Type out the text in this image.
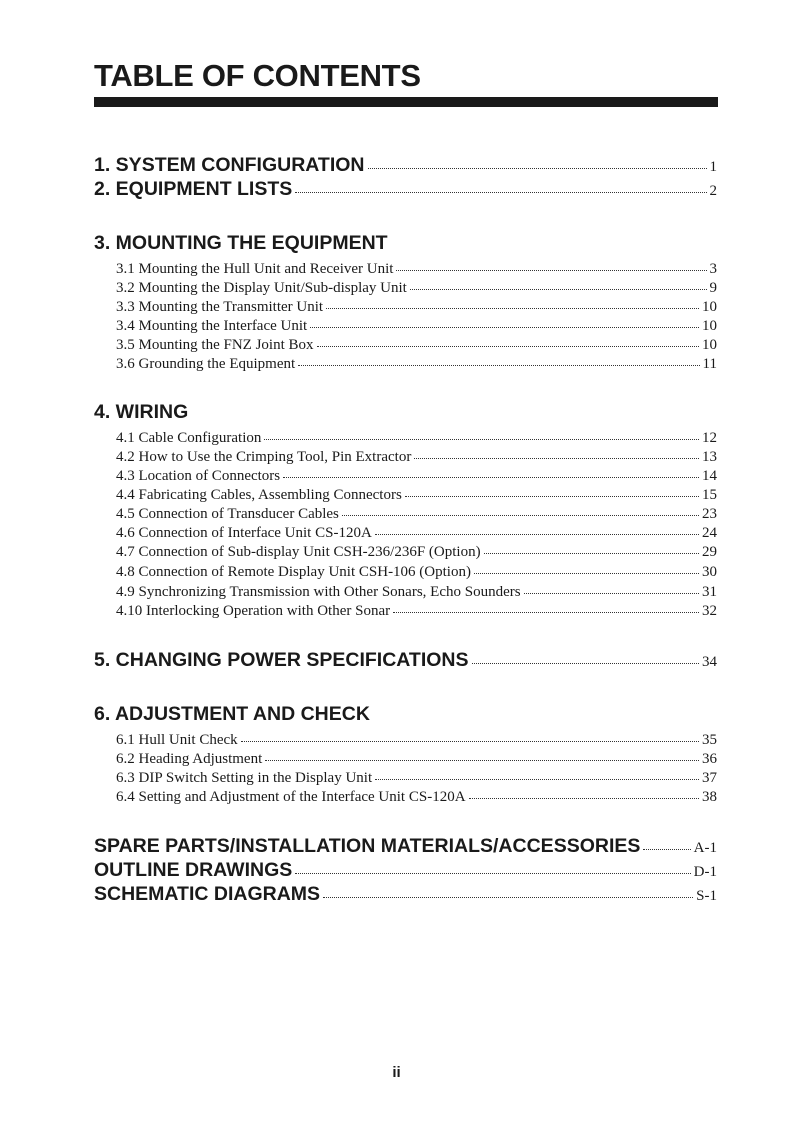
TABLE OF CONTENTS
1. SYSTEM CONFIGURATION	1
2. EQUIPMENT LISTS	2
3. MOUNTING THE EQUIPMENT
3.1 Mounting the Hull Unit and Receiver Unit	3
3.2 Mounting the Display Unit/Sub-display Unit	9
3.3 Mounting the Transmitter Unit	10
3.4 Mounting the Interface Unit	10
3.5 Mounting the FNZ Joint Box	10
3.6 Grounding the Equipment	11
4. WIRING
4.1 Cable Configuration	12
4.2 How to Use the Crimping Tool, Pin Extractor	13
4.3 Location of Connectors	14
4.4 Fabricating Cables, Assembling Connectors	15
4.5 Connection of Transducer Cables	23
4.6 Connection of Interface Unit CS-120A	24
4.7 Connection of Sub-display Unit CSH-236/236F (Option)	29
4.8 Connection of Remote Display Unit CSH-106 (Option)	30
4.9 Synchronizing Transmission with Other Sonars, Echo Sounders	31
4.10 Interlocking Operation with Other Sonar	32
5. CHANGING POWER SPECIFICATIONS	34
6. ADJUSTMENT AND CHECK
6.1 Hull Unit Check	35
6.2 Heading Adjustment	36
6.3 DIP Switch Setting in the Display Unit	37
6.4 Setting and Adjustment of the Interface Unit CS-120A	38
SPARE PARTS/INSTALLATION MATERIALS/ACCESSORIES	A-1
OUTLINE DRAWINGS	D-1
SCHEMATIC DIAGRAMS	S-1
ii
